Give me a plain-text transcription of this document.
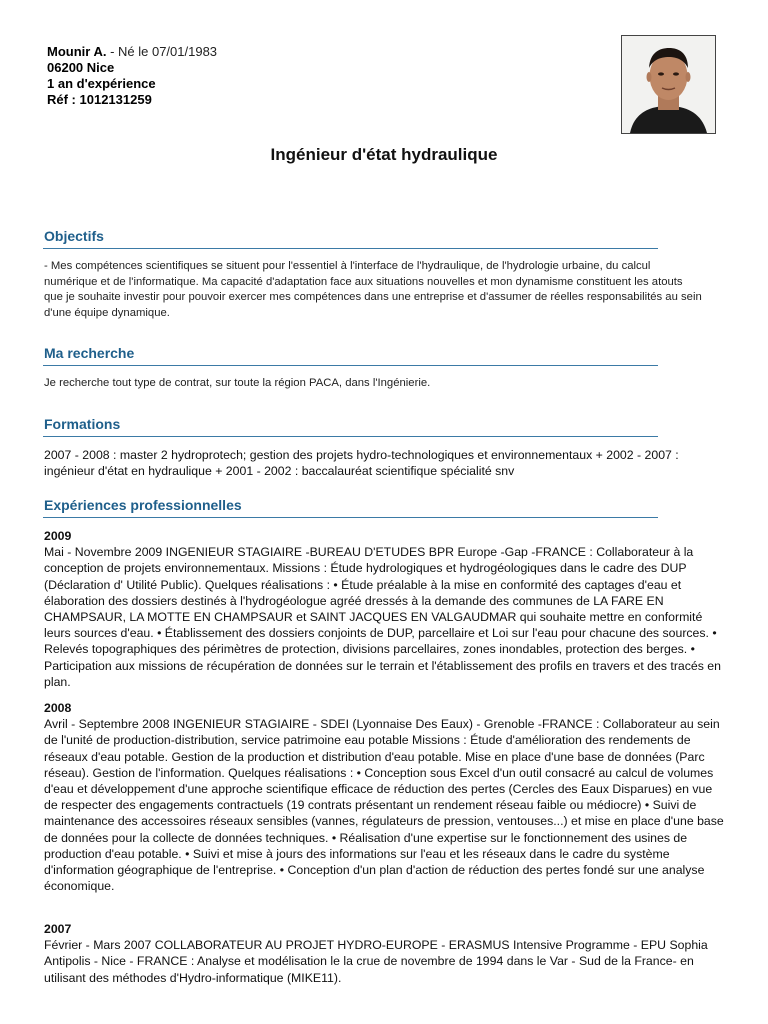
Mounir A. - Né le 07/01/1983
06200 Nice
1 an d'expérience
Réf : 1012131259
Ingénieur d'état hydraulique
Objectifs
- Mes compétences scientifiques se situent pour l'essentiel à l'interface de l'hydraulique, de l'hydrologie urbaine, du calcul numérique et de l'informatique. Ma capacité d'adaptation face aux situations nouvelles et mon dynamisme constituent les atouts que je souhaite investir pour pouvoir exercer mes compétences dans une entreprise et d'assumer de réelles responsabilités au sein d'une équipe dynamique.
Ma recherche
Je recherche tout type de contrat, sur toute la région PACA, dans l'Ingénierie.
Formations
2007 - 2008 : master 2 hydroprotech; gestion des projets hydro-technologiques et environnementaux + 2002 - 2007 : ingénieur d'état en hydraulique + 2001 - 2002 : baccalauréat scientifique spécialité snv
Expériences professionnelles
2009
Mai - Novembre 2009 INGENIEUR STAGIAIRE -BUREAU D'ETUDES BPR Europe -Gap -FRANCE : Collaborateur à la conception de projets environnementaux. Missions : Étude hydrologiques et hydrogéologiques dans le cadre des DUP (Déclaration d' Utilité Public). Quelques réalisations : • Étude préalable à la mise en conformité des captages d'eau et élaboration des dossiers destinés à l'hydrogéologue agréé dressés à la demande des communes de LA FARE EN CHAMPSAUR, LA MOTTE EN CHAMPSAUR et SAINT JACQUES EN VALGAUDMAR qui souhaite mettre en conformité leurs sources d'eau. • Établissement des dossiers conjoints de DUP, parcellaire et Loi sur l'eau pour chacune des sources. • Relevés topographiques des périmètres de protection, divisions parcellaires, zones inondables, protection des berges. • Participation aux missions de récupération de données sur le terrain et l'établissement des profils en travers et des tracés en plan.
2008
Avril - Septembre 2008 INGENIEUR STAGIAIRE - SDEI (Lyonnaise Des Eaux) - Grenoble -FRANCE : Collaborateur au sein de l'unité de production-distribution, service patrimoine eau potable Missions : Étude d'amélioration des rendements de réseaux d'eau potable. Gestion de la production et distribution d'eau potable. Mise en place d'une base de données (Parc réseau). Gestion de l'information. Quelques réalisations : • Conception sous Excel d'un outil consacré au calcul de volumes d'eau et développement d'une approche scientifique efficace de réduction des pertes (Cercles des Eaux Disparues) en vue de respecter des engagements contractuels (19 contrats présentant un rendement réseau faible ou médiocre) • Suivi de maintenance des accessoires réseaux sensibles (vannes, régulateurs de pression, ventouses...) et mise en place d'une base de données pour la collecte de données techniques. • Réalisation d'une expertise sur le fonctionnement des usines de production d'eau potable. • Suivi et mise à jours des informations sur l'eau et les réseaux dans le cadre du système d'information géographique de l'entreprise. • Conception d'un plan d'action de réduction des pertes fondé sur une analyse économique.
2007
Février - Mars 2007 COLLABORATEUR AU PROJET HYDRO-EUROPE - ERASMUS Intensive Programme - EPU Sophia Antipolis - Nice - FRANCE : Analyse et modélisation le la crue de novembre de 1994 dans le Var - Sud de la France- en utilisant des méthodes d'Hydro-informatique (MIKE11).
